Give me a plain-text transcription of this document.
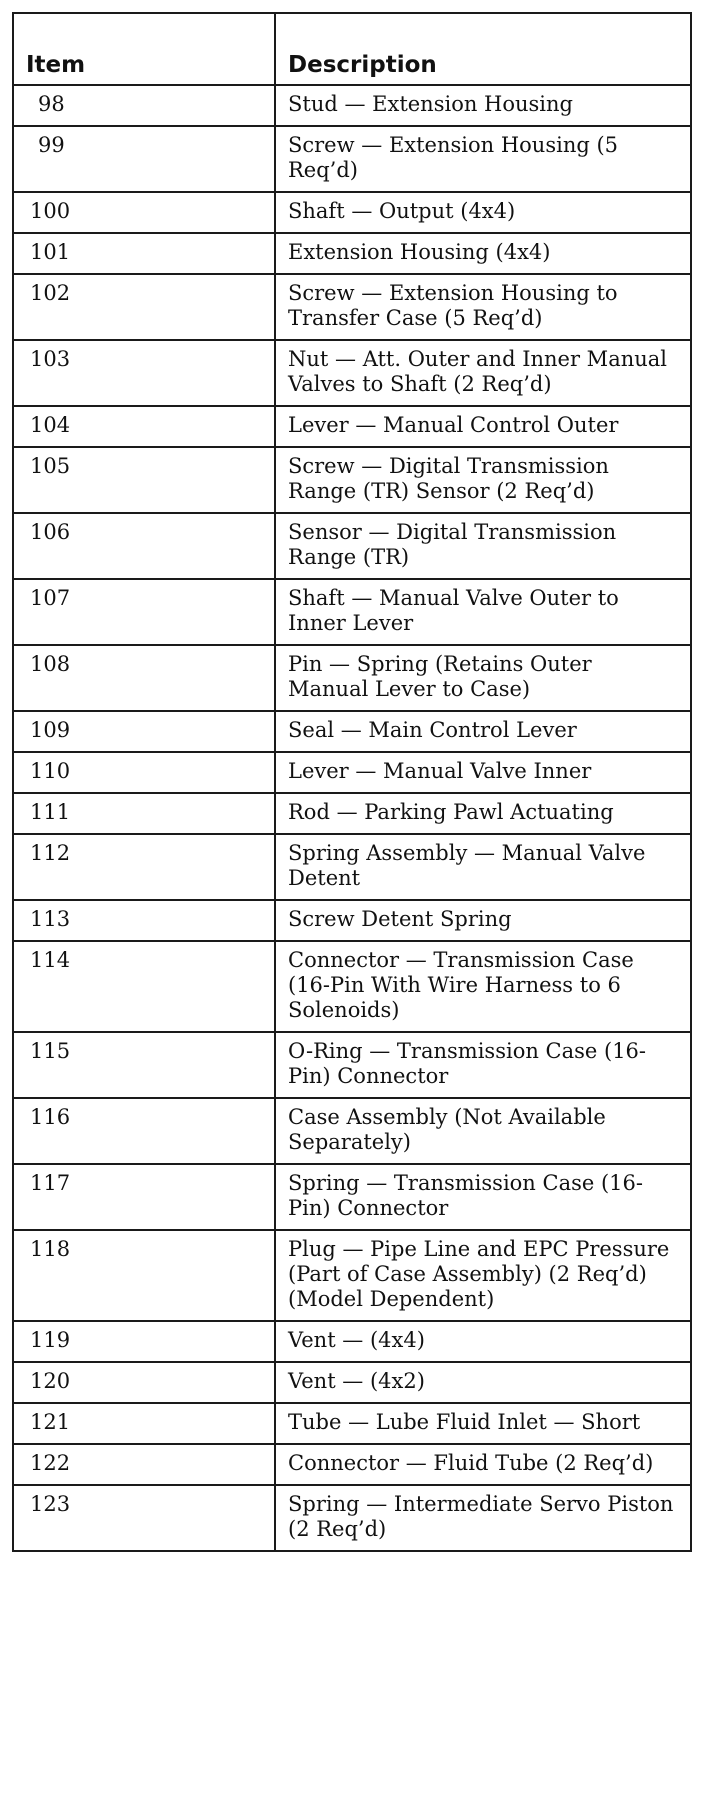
Item	Description
98	Stud — Extension Housing
99	Screw — Extension Housing (5 Req’d)
100	Shaft — Output (4x4)
101	Extension Housing (4x4)
102	Screw — Extension Housing to Transfer Case (5 Req’d)
103	Nut — Att. Outer and Inner Manual Valves to Shaft (2 Req’d)
104	Lever — Manual Control Outer
105	Screw — Digital Transmission Range (TR) Sensor (2 Req’d)
106	Sensor — Digital Transmission Range (TR)
107	Shaft — Manual Valve Outer to Inner Lever
108	Pin — Spring (Retains Outer Manual Lever to Case)
109	Seal — Main Control Lever
110	Lever — Manual Valve Inner
111	Rod — Parking Pawl Actuating
112	Spring Assembly — Manual Valve Detent
113	Screw Detent Spring
114	Connector — Transmission Case (16-Pin With Wire Harness to 6 Solenoids)
115	O-Ring — Transmission Case (16-Pin) Connector
116	Case Assembly (Not Available Separately)
117	Spring — Transmission Case (16-Pin) Connector
118	Plug — Pipe Line and EPC Pressure (Part of Case Assembly) (2 Req’d) (Model Dependent)
119	Vent — (4x4)
120	Vent — (4x2)
121	Tube — Lube Fluid Inlet — Short
122	Connector — Fluid Tube (2 Req’d)
123	Spring — Intermediate Servo Piston (2 Req’d)
